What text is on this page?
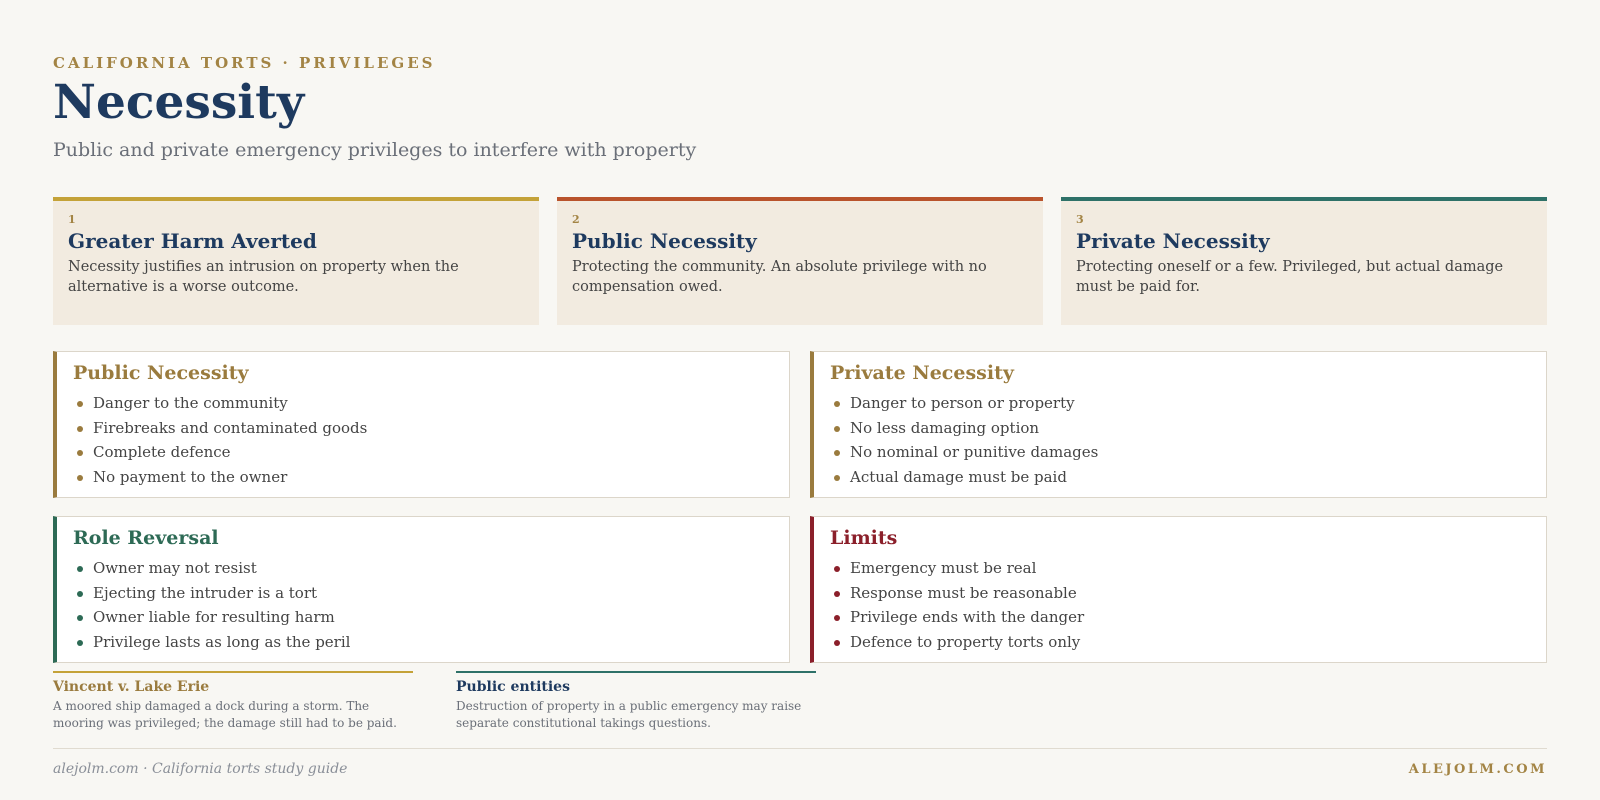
CALIFORNIA TORTS · PRIVILEGES
Necessity
Public and private emergency privileges to interfere with property
1
Greater Harm Averted
Necessity justifies an intrusion on property when the alternative is a worse outcome.
2
Public Necessity
Protecting the community. An absolute privilege with no compensation owed.
3
Private Necessity
Protecting oneself or a few. Privileged, but actual damage must be paid for.
Public Necessity
Danger to the community
Firebreaks and contaminated goods
Complete defence
No payment to the owner
Private Necessity
Danger to person or property
No less damaging option
No nominal or punitive damages
Actual damage must be paid
Role Reversal
Owner may not resist
Ejecting the intruder is a tort
Owner liable for resulting harm
Privilege lasts as long as the peril
Limits
Emergency must be real
Response must be reasonable
Privilege ends with the danger
Defence to property torts only
Vincent v. Lake Erie
A moored ship damaged a dock during a storm. The mooring was privileged; the damage still had to be paid.
Public entities
Destruction of property in a public emergency may raise separate constitutional takings questions.
alejolm.com · California torts study guide	ALEJOLM.COM
